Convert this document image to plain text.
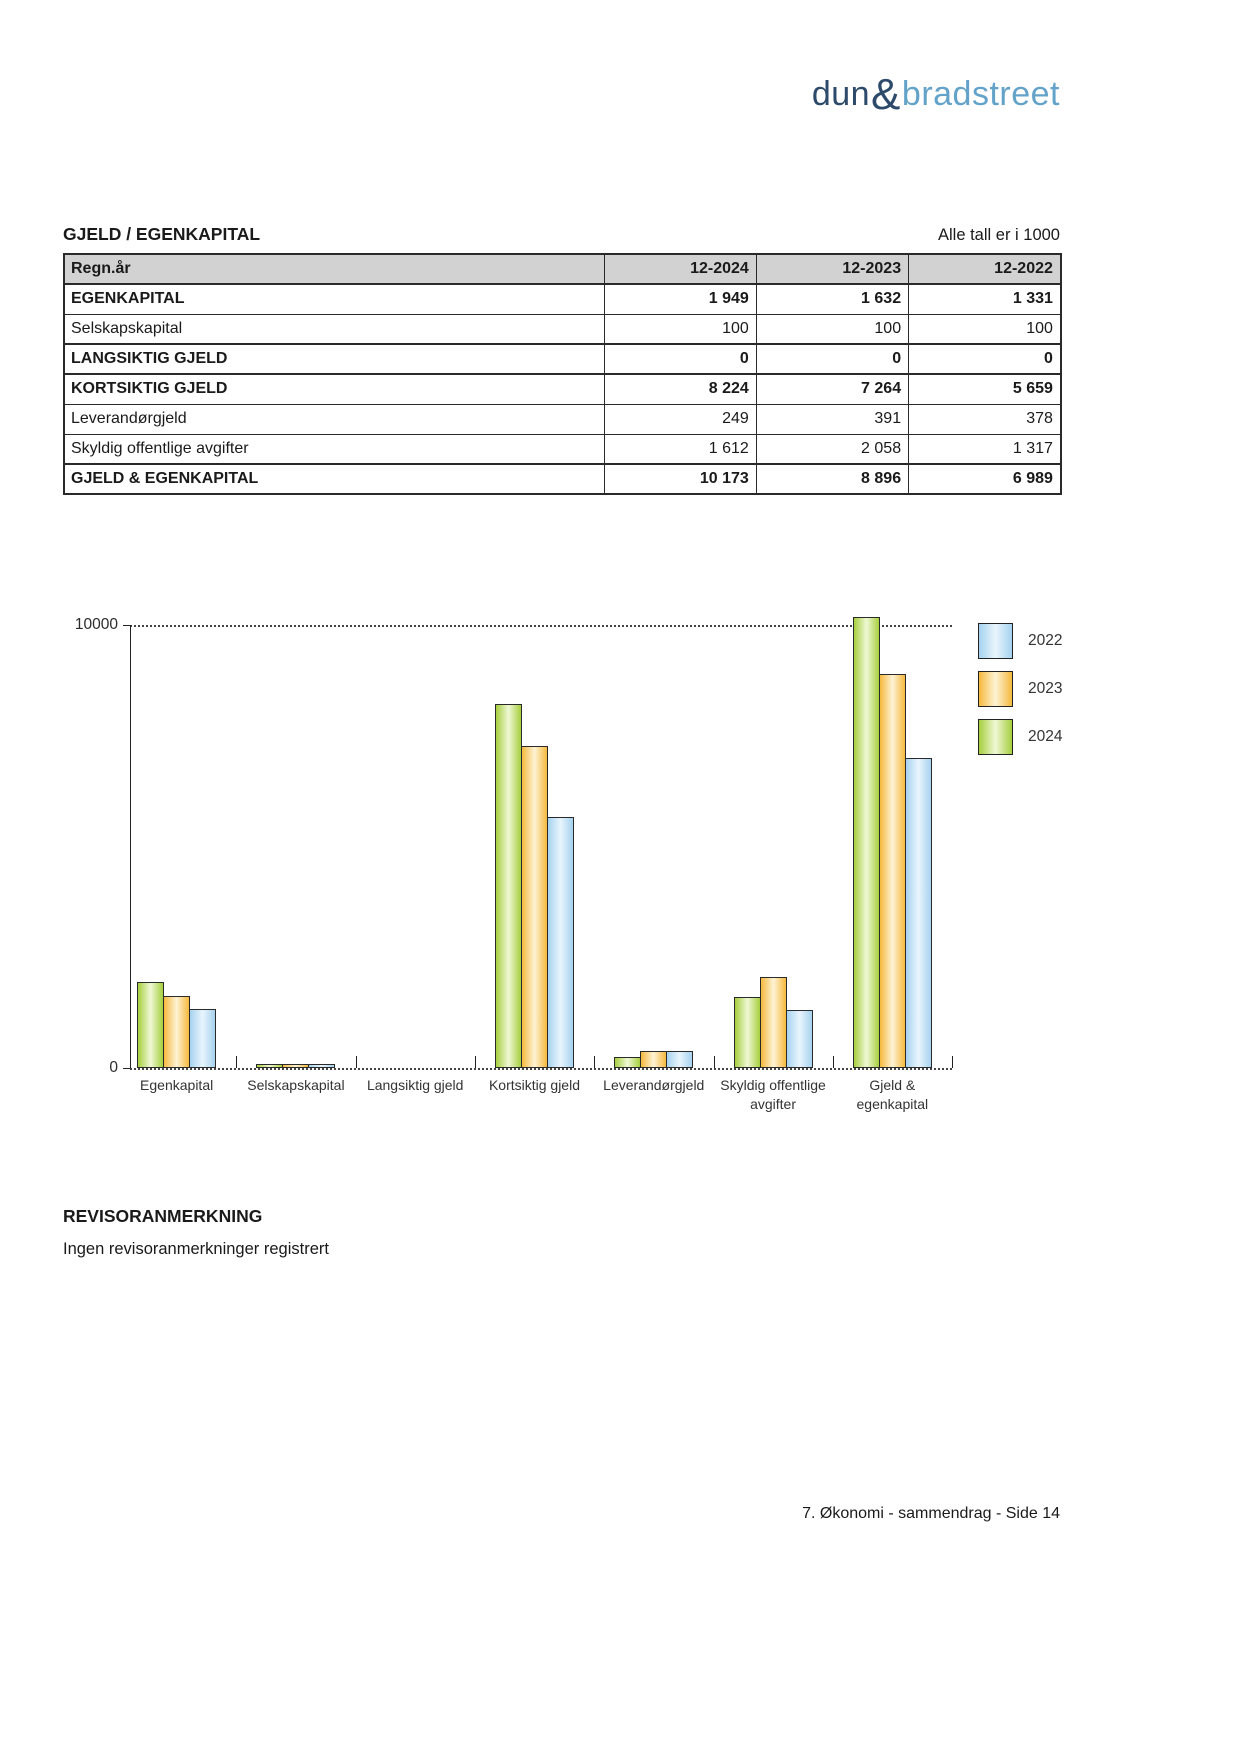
dun&bradstreet
GJELD / EGENKAPITAL	Alle tall er i 1000
Regn.år	12-2024	12-2023	12-2022
EGENKAPITAL	1 949	1 632	1 331
Selskapskapital	100	100	100
LANGSIKTIG GJELD	0	0	0
KORTSIKTIG GJELD	8 224	7 264	5 659
Leverandørgjeld	249	391	378
Skyldig offentlige avgifter	1 612	2 058	1 317
GJELD & EGENKAPITAL	10 173	8 896	6 989
10000
0
Egenkapital	Selskapskapital	Langsiktig gjeld	Kortsiktig gjeld	Leverandørgjeld	Skyldig offentlige avgifter
Gjeld & egenkapital
2022
2023
2024
REVISORANMERKNING
Ingen revisoranmerkninger registrert
7. Økonomi - sammendrag - Side 14
